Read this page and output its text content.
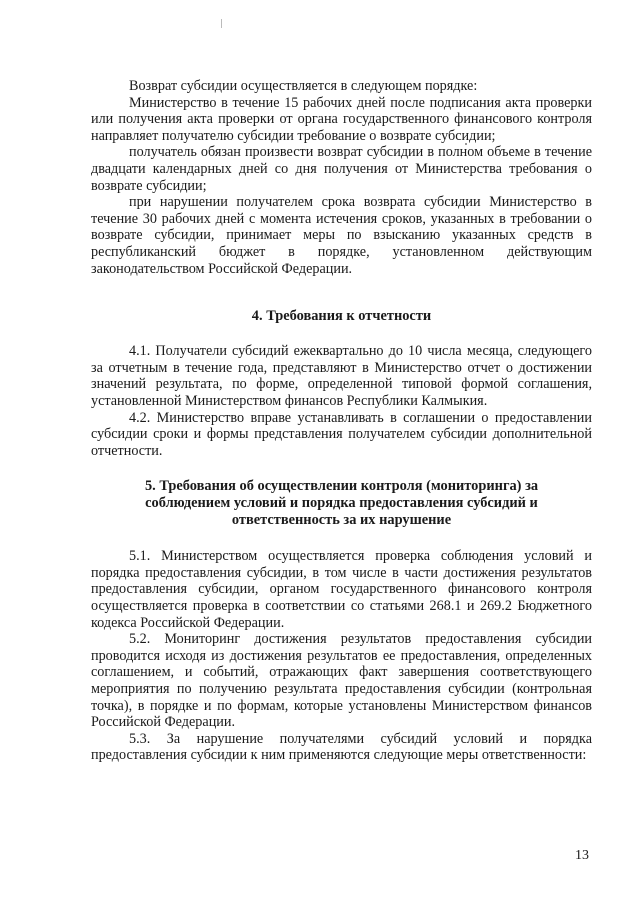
Возврат субсидии осуществляется в следующем порядке:

Министерство в течение 15 рабочих дней после подписания акта проверки или получения акта проверки от органа государственного финансового контроля направляет получателю субсидии требование о возврате субсидии;

получатель обязан произвести возврат субсидии в полном объеме в течение двадцати календарных дней со дня получения от Министерства требования о возврате субсидии;

при нарушении получателем срока возврата субсидии Министерство в течение 30 рабочих дней с момента истечения сроков, указанных в требовании о возврате субсидии, принимает меры по взысканию указанных средств в республиканский бюджет в порядке, установленном действующим законодательством Российской Федерации.

4. Требования к отчетности

4.1. Получатели субсидий ежеквартально до 10 числа месяца, следующего за отчетным в течение года, представляют в Министерство отчет о достижении значений результата, по форме, определенной типовой формой соглашения, установленной Министерством финансов Республики Калмыкия.

4.2. Министерство вправе устанавливать в соглашении о предоставлении субсидии сроки и формы представления получателем субсидии дополнительной отчетности.

5. Требования об осуществлении контроля (мониторинга) за

соблюдением условий и порядка предоставления субсидий и

ответственность за их нарушение

5.1. Министерством осуществляется проверка соблюдения условий и порядка предоставления субсидии, в том числе в части достижения результатов предоставления субсидии, органом государственного финансового контроля осуществляется проверка в соответствии со статьями 268.1 и 269.2 Бюджетного кодекса Российской Федерации.

5.2. Мониторинг достижения результатов предоставления субсидии проводится исходя из достижения результатов ее предоставления, определенных соглашением, и событий, отражающих факт завершения соответствующего мероприятия по получению результата предоставления субсидии (контрольная точка), в порядке и по формам, которые установлены Министерством финансов Российской Федерации.

5.3. За нарушение получателями субсидий условий и порядка предоставления субсидии к ним применяются следующие меры ответственности:

13
